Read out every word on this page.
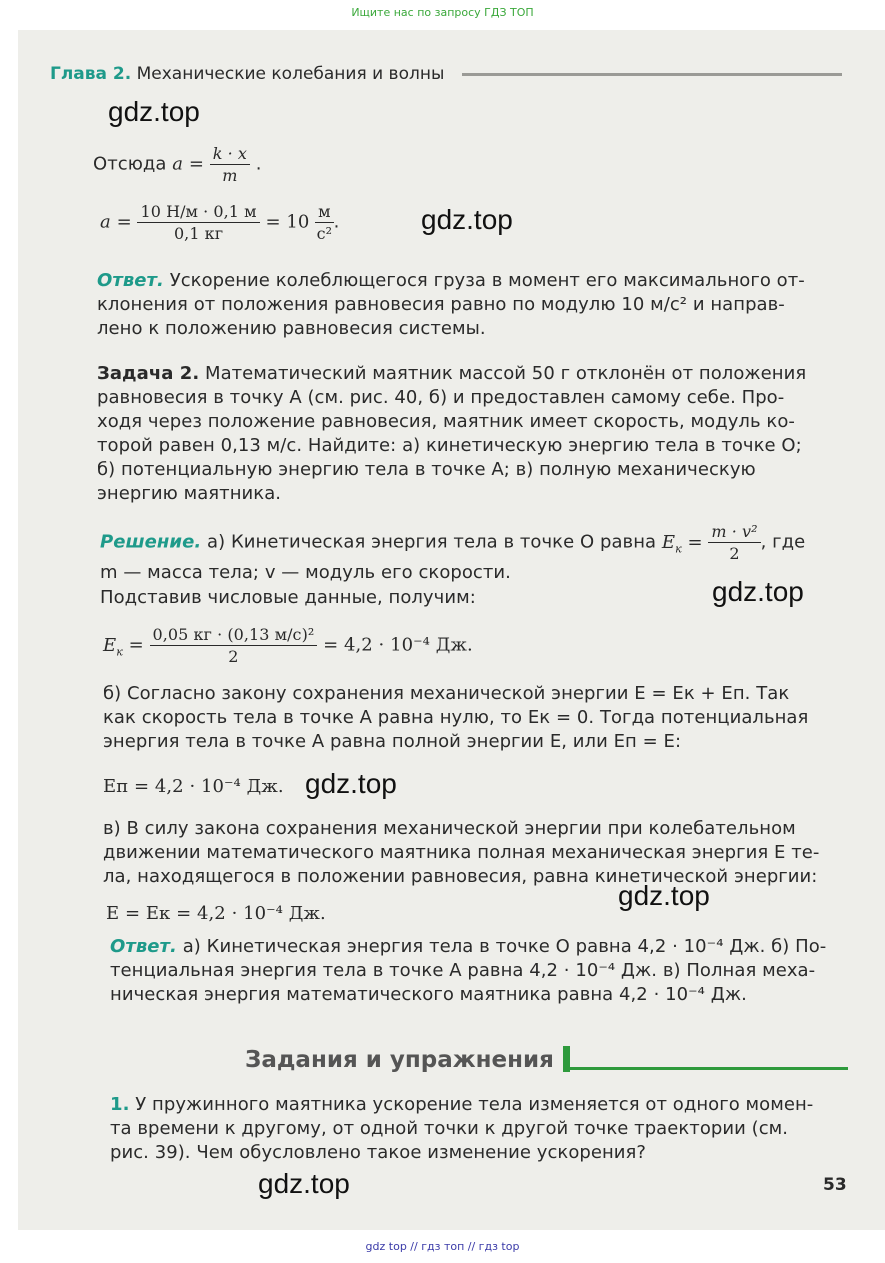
Ищите нас по запросу ГДЗ ТОП
Глава 2. Механические колебания и волны
gdz.top
gdz.top
gdz.top
gdz.top
gdz.top
gdz.top
Отсюда $a = \frac{k \cdot x}{m}$ .
$a = \frac{10 Н/м \cdot 0,1 м}{0,1 кг} = 10 \frac{м}{\text{с²}}$ .
Ответ. Ускорение колеблющегося груза в момент его максимального от-
клонения от положения равновесия равно по модулю 10 м/с² и направ-
лено к положению равновесия системы.
Задача 2. Математический маятник массой 50 г отклонён от положения
равновесия в точку A (см. рис. 40, б) и предоставлен самому себе. Про-
ходя через положение равновесия, маятник имеет скорость, модуль ко-
торой равен 0,13 м/с. Найдите: а) кинетическую энергию тела в точке O;
б) потенциальную энергию тела в точке A; в) полную механическую
энергию маятника.
Решение. а) Кинетическая энергия тела в точке O равна $E_к = \frac{\text{m · v²}}{2}$ , где
m — масса тела; v — модуль его скорости.
Подставив числовые данные, получим:
$E_к = \frac{\text{0,05 кг · (0,13 м/с)²}}{2} = 4,2 \cdot 10^{-4}$ Дж.
б) Согласно закону сохранения механической энергии E = Eк + Eп. Так
как скорость тела в точке A равна нулю, то Eк = 0. Тогда потенциальная
энергия тела в точке A равна полной энергии E, или Eп = E:
Eп = 4,2 · 10⁻⁴ Дж.
в) В силу закона сохранения механической энергии при колебательном
движении математического маятника полная механическая энергия E те-
ла, находящегося в положении равновесия, равна кинетической энергии:
E = Eк = 4,2 · 10⁻⁴ Дж.
Ответ. а) Кинетическая энергия тела в точке O равна 4,2 · 10⁻⁴ Дж. б) По-
тенциальная энергия тела в точке A равна 4,2 · 10⁻⁴ Дж. в) Полная меха-
ническая энергия математического маятника равна 4,2 · 10⁻⁴ Дж.
Задания и упражнения
1. У пружинного маятника ускорение тела изменяется от одного момен-
та времени к другому, от одной точки к другой точке траектории (см.
рис. 39). Чем обусловлено такое изменение ускорения?
53
gdz top // гдз топ // гдз top
